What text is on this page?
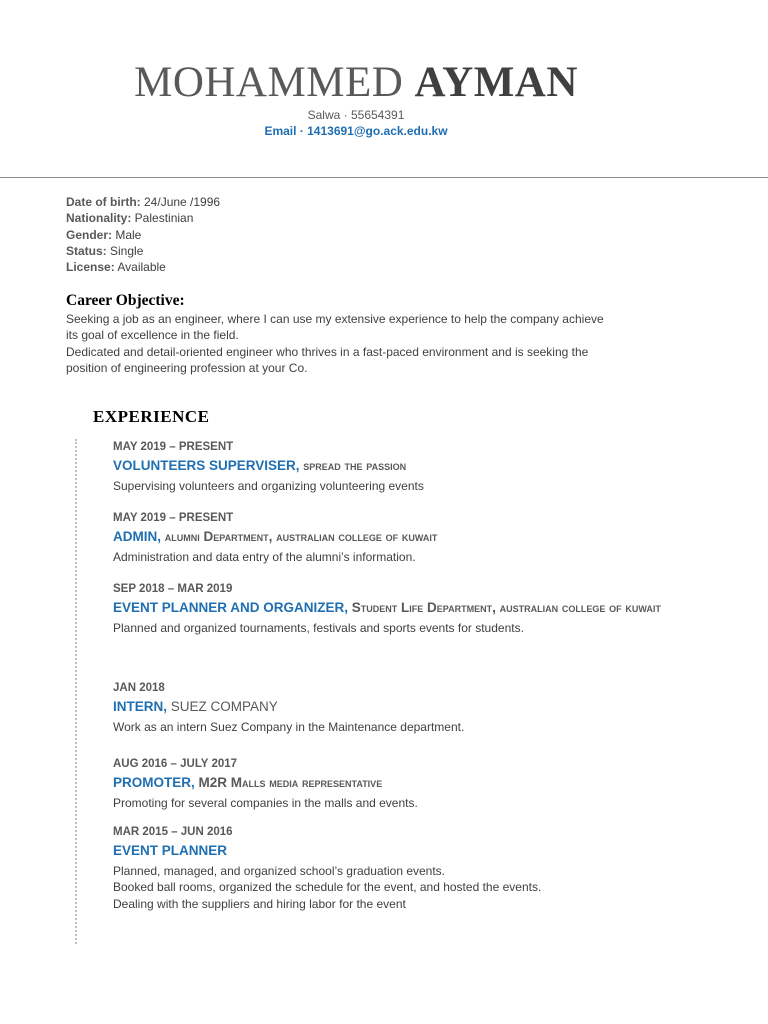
MOHAMMED AYMAN
Salwa · 55654391
Email · 1413691@go.ack.edu.kw
Date of birth: 24/June /1996
Nationality: Palestinian
Gender: Male
Status: Single
License: Available
Career Objective:
Seeking a job as an engineer, where I can use my extensive experience to help the company achieve
its goal of excellence in the field.
Dedicated and detail-oriented engineer who thrives in a fast-paced environment and is seeking the
position of engineering profession at your Co.
EXPERIENCE
MAY 2019 – PRESENT
VOLUNTEERS SUPERVISER, spread the passion
Supervising volunteers and organizing volunteering events
MAY 2019 – PRESENT
ADMIN, alumni Department, australian college of kuwait
Administration and data entry of the alumni’s information.
SEP 2018 – MAR 2019
EVENT PLANNER AND ORGANIZER, Student Life Department, australian college of kuwait
Planned and organized tournaments, festivals and sports events for students.
JAN 2018
INTERN, SUEZ COMPANY
Work as an intern Suez Company in the Maintenance department.
AUG 2016 – JULY 2017
PROMOTER, M2R Malls media representative
Promoting for several companies in the malls and events.
MAR 2015 – JUN 2016
EVENT PLANNER
Planned, managed, and organized school’s graduation events.
Booked ball rooms, organized the schedule for the event, and hosted the events.
Dealing with the suppliers and hiring labor for the event
